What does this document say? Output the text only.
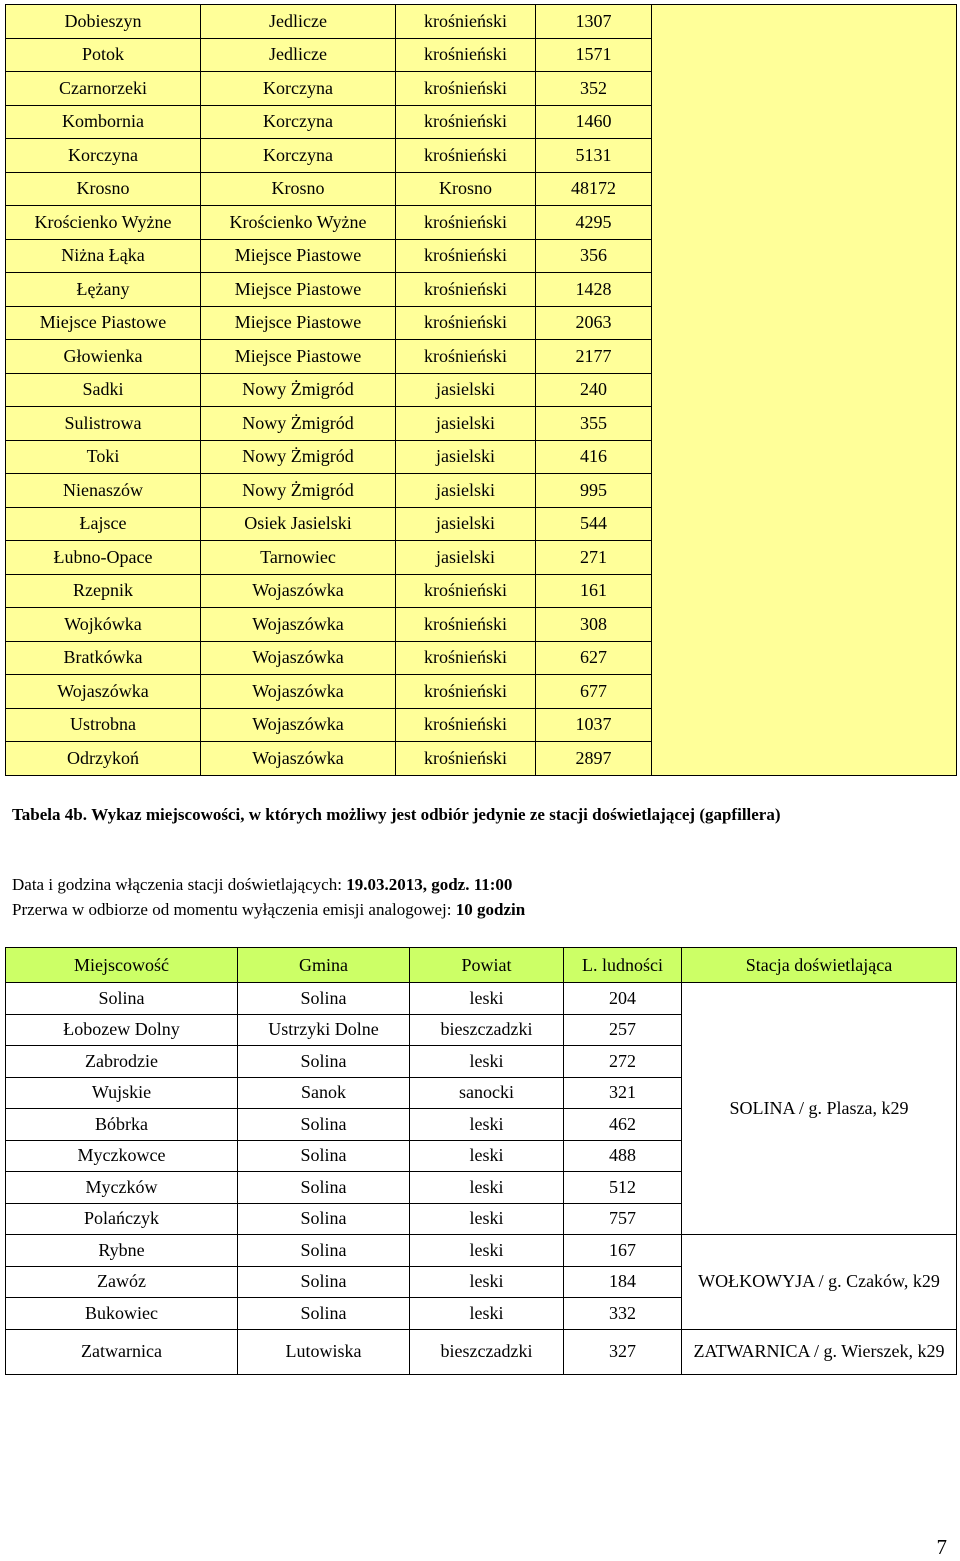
Dobieszyn	Jedlicze	krośnieński	1307	
Potok	Jedlicze	krośnieński	1571	
Czarnorzeki	Korczyna	krośnieński	352	
Kombornia	Korczyna	krośnieński	1460	
Korczyna	Korczyna	krośnieński	5131	
Krosno	Krosno	Krosno	48172	
Krościenko Wyżne	Krościenko Wyżne	krośnieński	4295	
Niżna Łąka	Miejsce Piastowe	krośnieński	356	
Łężany	Miejsce Piastowe	krośnieński	1428	
Miejsce Piastowe	Miejsce Piastowe	krośnieński	2063	
Głowienka	Miejsce Piastowe	krośnieński	2177	
Sadki	Nowy Żmigród	jasielski	240	
Sulistrowa	Nowy Żmigród	jasielski	355	
Toki	Nowy Żmigród	jasielski	416	
Nienaszów	Nowy Żmigród	jasielski	995	
Łajsce	Osiek Jasielski	jasielski	544	
Łubno-Opace	Tarnowiec	jasielski	271	
Rzepnik	Wojaszówka	krośnieński	161	
Wojkówka	Wojaszówka	krośnieński	308	
Bratkówka	Wojaszówka	krośnieński	627	
Wojaszówka	Wojaszówka	krośnieński	677	
Ustrobna	Wojaszówka	krośnieński	1037	
Odrzykoń	Wojaszówka	krośnieński	2897	
Tabela 4b. Wykaz miejscowości, w których możliwy jest odbiór jedynie ze stacji doświetlającej (gapfillera)
Data i godzina włączenia stacji doświetlających: 19.03.2013, godz. 11:00
Przerwa w odbiorze od momentu wyłączenia emisji analogowej: 10 godzin
Miejscowość	Gmina	Powiat	L. ludności	Stacja doświetlająca
Solina	Solina	leski	204	SOLINA / g. Plasza, k29
Łobozew Dolny	Ustrzyki Dolne	bieszczadzki	257	
Zabrodzie	Solina	leski	272	
Wujskie	Sanok	sanocki	321	
Bóbrka	Solina	leski	462	
Myczkowce	Solina	leski	488	
Myczków	Solina	leski	512	
Polańczyk	Solina	leski	757	
Rybne	Solina	leski	167	WOŁKOWYJA / g. Czaków, k29
Zawóz	Solina	leski	184	
Bukowiec	Solina	leski	332	
Zatwarnica	Lutowiska	bieszczadzki	327	ZATWARNICA / g. Wierszek, k29
7
